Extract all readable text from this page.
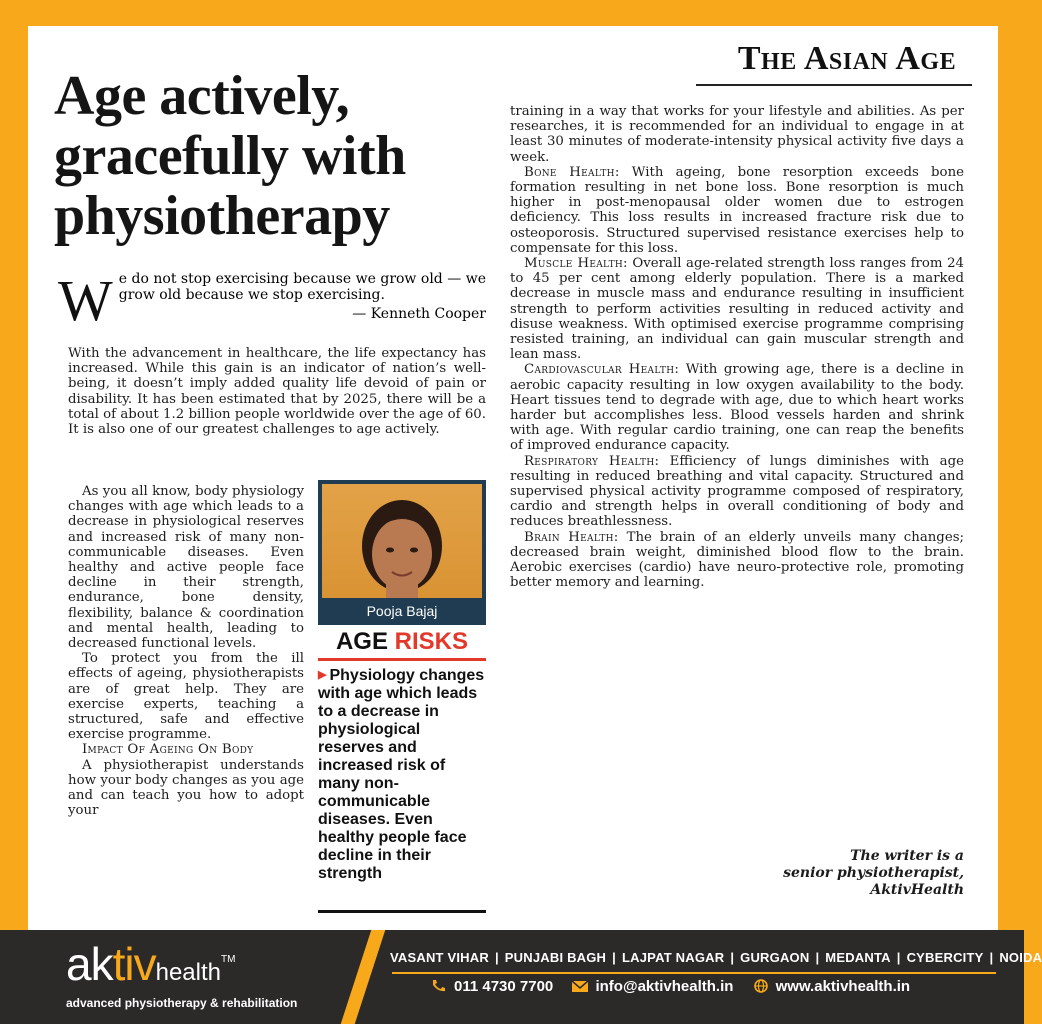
The Asian Age
Age actively, gracefully with physiotherapy
W e do not stop exercising because we grow old — we grow old because we stop exercising.
— Kenneth Cooper

With the advancement in healthcare, the life expectancy has increased. While this gain is an indicator of nation’s well-being, it doesn’t imply added quality life devoid of pain or disability. It has been estimated that by 2025, there will be a total of about 1.2 billion people worldwide over the age of 60. It is also one of our greatest challenges to age actively.

As you all know, body physiology changes with age which leads to a decrease in physiological reserves and increased risk of many non-communicable diseases. Even healthy and active people face decline in their strength, endurance, bone density, flexibility, balance & coordination and mental health, leading to decreased functional levels.

To protect you from the ill effects of ageing, physiotherapists are of great help. They are exercise experts, teaching a structured, safe and effective exercise programme.

Impact Of Ageing On Body

A physiotherapist understands how your body changes as you age and can teach you how to adopt your

Pooja Bajaj
AGE RISKS
▶ Physiology changes with age which leads to a decrease in physiological reserves and increased risk of many non-communicable diseases. Even healthy people face decline in their strength

training in a way that works for your lifestyle and abilities. As per researches, it is recommended for an individual to engage in at least 30 minutes of moderate-intensity physical activity five days a week.

Bone Health: With ageing, bone resorption exceeds bone formation resulting in net bone loss. Bone resorption is much higher in post-menopausal older women due to estrogen deficiency. This loss results in increased fracture risk due to osteoporosis. Structured supervised resistance exercises help to compensate for this loss.

Muscle Health: Overall age-related strength loss ranges from 24 to 45 per cent among elderly population. There is a marked decrease in muscle mass and endurance resulting in insufficient strength to perform activities resulting in reduced activity and disuse weakness. With optimised exercise programme comprising resisted training, an individual can gain muscular strength and lean mass.

Cardiovascular Health: With growing age, there is a decline in aerobic capacity resulting in low oxygen availability to the body. Heart tissues tend to degrade with age, due to which heart works harder but accomplishes less. Blood vessels harden and shrink with age. With regular cardio training, one can reap the benefits of improved endurance capacity.

Respiratory Health: Efficiency of lungs diminishes with age resulting in reduced breathing and vital capacity. Structured and supervised physical activity programme composed of respiratory, cardio and strength helps in overall conditioning of body and reduces breathlessness.

Brain Health: The brain of an elderly unveils many changes; decreased brain weight, diminished blood flow to the brain. Aerobic exercises (cardio) have neuro-protective role, promoting better memory and learning.

The writer is a
senior physiotherapist,
AktivHealth
aktivhealth™
advanced physiotherapy & rehabilitation
VASANT VIHAR | PUNJABI BAGH | LAJPAT NAGAR | GURGAON | MEDANTA | CYBERCITY | NOIDA
011 4730 7700	info@aktivhealth.in	www.aktivhealth.in
